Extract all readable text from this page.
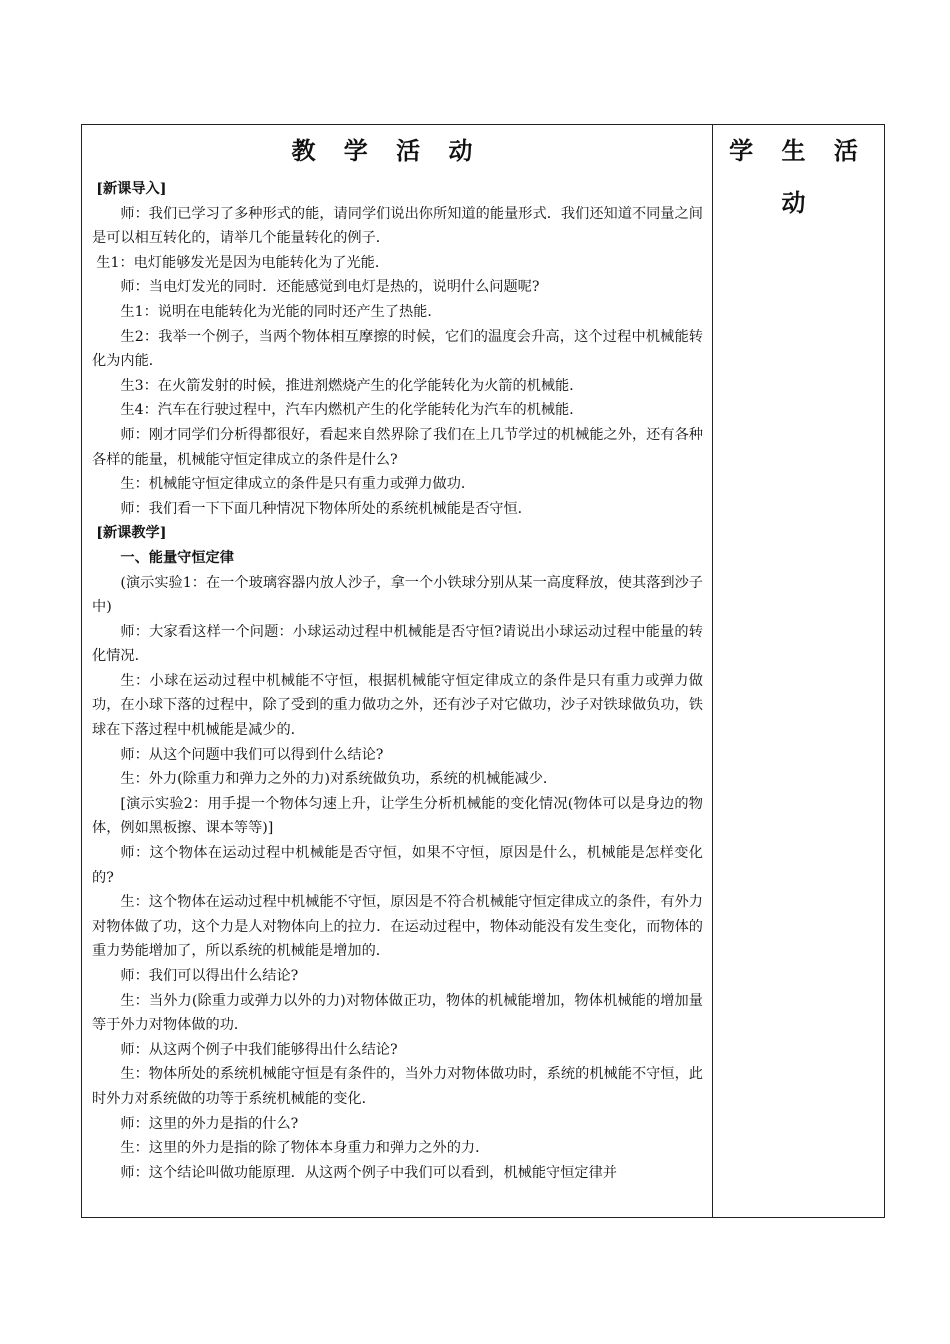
教 学 活 动

[新课导入]

师：我们已学习了多种形式的能，请同学们说出你所知道的能量形式．我们还知道不同量之间是可以相互转化的，请举几个能量转化的例子．

生1：电灯能够发光是因为电能转化为了光能．

师：当电灯发光的同时．还能感觉到电灯是热的，说明什么问题呢?

生1：说明在电能转化为光能的同时还产生了热能．

生2：我举一个例子，当两个物体相互摩擦的时候，它们的温度会升高，这个过程中机械能转化为内能．

生3：在火箭发射的时候，推进剂燃烧产生的化学能转化为火箭的机械能．

生4：汽车在行驶过程中，汽车内燃机产生的化学能转化为汽车的机械能．

师：刚才同学们分析得都很好，看起来自然界除了我们在上几节学过的机械能之外，还有各种各样的能量，机械能守恒定律成立的条件是什么?

生：机械能守恒定律成立的条件是只有重力或弹力做功．

师：我们看一下下面几种情况下物体所处的系统机械能是否守恒．

[新课教学]

一、能量守恒定律

(演示实验1：在一个玻璃容器内放人沙子，拿一个小铁球分别从某一高度释放，使其落到沙子中)

师：大家看这样一个问题：小球运动过程中机械能是否守恒?请说出小球运动过程中能量的转化情况．

生：小球在运动过程中机械能不守恒，根据机械能守恒定律成立的条件是只有重力或弹力做功，在小球下落的过程中，除了受到的重力做功之外，还有沙子对它做功，沙子对铁球做负功，铁球在下落过程中机械能是减少的．

师：从这个问题中我们可以得到什么结论?

生：外力(除重力和弹力之外的力)对系统做负功，系统的机械能减少．

[演示实验2：用手提一个物体匀速上升，让学生分析机械能的变化情况(物体可以是身边的物体，例如黑板擦、课本等等)]

师：这个物体在运动过程中机械能是否守恒，如果不守恒，原因是什么，机械能是怎样变化的?

生：这个物体在运动过程中机械能不守恒，原因是不符合机械能守恒定律成立的条件，有外力对物体做了功，这个力是人对物体向上的拉力．在运动过程中，物体动能没有发生变化，而物体的重力势能增加了，所以系统的机械能是增加的．

师：我们可以得出什么结论?

生：当外力(除重力或弹力以外的力)对物体做正功，物体的机械能增加，物体机械能的增加量等于外力对物体做的功．

师：从这两个例子中我们能够得出什么结论?

生：物体所处的系统机械能守恒是有条件的，当外力对物体做功时，系统的机械能不守恒，此时外力对系统做的功等于系统机械能的变化．

师：这里的外力是指的什么?

生：这里的外力是指的除了物体本身重力和弹力之外的力．

师：这个结论叫做功能原理．从这两个例子中我们可以看到，机械能守恒定律并

学 生 活 动
